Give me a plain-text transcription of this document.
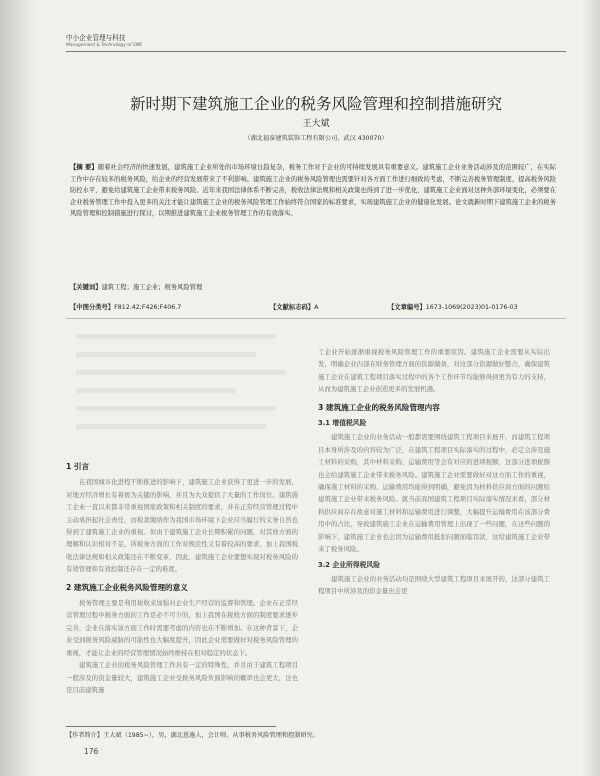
中小企业管理与科技
Management & Technology of SME
新时期下建筑施工企业的税务风险管理和控制措施研究
王大斌
（湖北福泰建筑装饰工程有限公司，武汉 430070）
【摘 要】随着社会经济的快速发展，建筑施工企业所处的市场环境日趋复杂，税务工作对于企业的可持续发展具有重要意义。建筑施工企业业务活动涉及的范围较广，在实际工作中存在较多的税务风险，给企业的经营发展带来了不利影响。建筑施工企业的税务风险管理也需要针对各方面工作进行细致的考虑，不断完善税务管理制度，提高税务风险防控水平，避免给建筑施工企业带来税务风险。近年来我国法律体系不断完善，税收法律法规和相关政策也得到了进一步优化，建筑施工企业面对这种外部环境变化，必须要在企业税务管理工作中投入更多的关注才能让建筑施工企业的税务风险管理工作始终符合国家的标准要求，实现建筑施工企业的健康化发展。论文就新时期下建筑施工企业的税务风险管理和控制措施进行探讨，以期推进建筑施工企业税务管理工作的有效落实。
【关键词】建筑工程；施工企业；税务风险管理
【中图分类号】F812.42;F426;F406.7	【文献标志码】A	【文章编号】1673-1069(2023)01-0176-03
1 引言

在我国城市化进程不断推进的影响下，建筑施工企业获得了更进一步的发展，对地方经济增长有着极为关键的影响，并且为大众提供了大量的工作岗位。建筑施工企业一直以来都非常重视国家政策和相关制度的要求，并在正常经营管理过程中主动承担起社会责任，而税款缴纳作为我国市场环境下企业应当履行的义务自然也得到了建筑施工企业的重视。但由于建筑施工企业长期积累的问题，对其他方面的理解和认识相对不足，所税务方面的工作对规范性又有着较高的要求，加上我国税收法律法规和相关政策还在不断变革，因此，建筑施工企业要想实现对税务风险的有效管理和有效控制还存在一定的难度。

2 建筑施工企业税务风险管理的意义

税务管理主要是利用税收来加强对企业生产经营的监督和管理。企业在正常经营管理过程中税务方面的工作是必不可少的，加上我国在税收方面的制度要求逐步完善，企业在落实该方面工作时需要考虑的内容也在不断增加。在这种背景下，企业受到税务风险威胁的可能性也大幅度提升，因此企业需要做好对税务风险管理的重视，才能让企业的经营管理情况始终维持在相对稳定的状态下。

建筑施工企业的税务风险管理工作具有一定的特殊性，并且由于建筑工程项目一般涉及的资金量较大，建筑施工企业受税务风险负面影响的概率也会更大，这也是目前建筑施

工企业开始逐渐重视税务风险管理工作的重要原因。建筑施工企业需要从实际出发，明确企业内部在财务管理方面的资源储备，对这部分资源做好整合，确保建筑施工企业在建筑工程项目落实过程中的各个工作环节均能够得到更为有力的支持，从而为建筑施工企业创造更多的发展机遇。

3 建筑施工企业的税务风险管理内容
3.1 增值税风险

建筑施工企业的业务活动一般都需要围绕建筑工程项目来展开，而建筑工程项目本身所涉及的内容较为广泛，在建筑工程项目实际落实的过程中，必定会涉及施工材料的采购，其中材料采购、运输费用等会有对应的进项税额，这部分进项税额也会给建筑施工企业带来税务风险。建筑施工企业需要做好对这方面工作的重视，确保施工材料的采购、运输费用均能得到明确，避免因为材料供应商方面的问题给建筑施工企业带来税务风险。就当前我国建筑工程项目实际落实情况来看，部分材料供应商存在故意对施工材料和运输费用进行调整，大幅提升运输费用在该部分费用中的占比，导致建筑施工企业在运输费用管理上出现了一些问题，在这些问题的影响下，建筑施工企业也会因为运输费用抵扣问题面临罚款，这给建筑施工企业带来了税务风险。

3.2 企业所得税风险

建筑施工企业的业务活动均是围绕大型建筑工程项目来展开的，这部分建筑工程项目中所涉及的资金量也会更

【作者简介】王大斌（1985~），男，湖北恩施人，会计师，从事税务风险管理和控制研究。
176
